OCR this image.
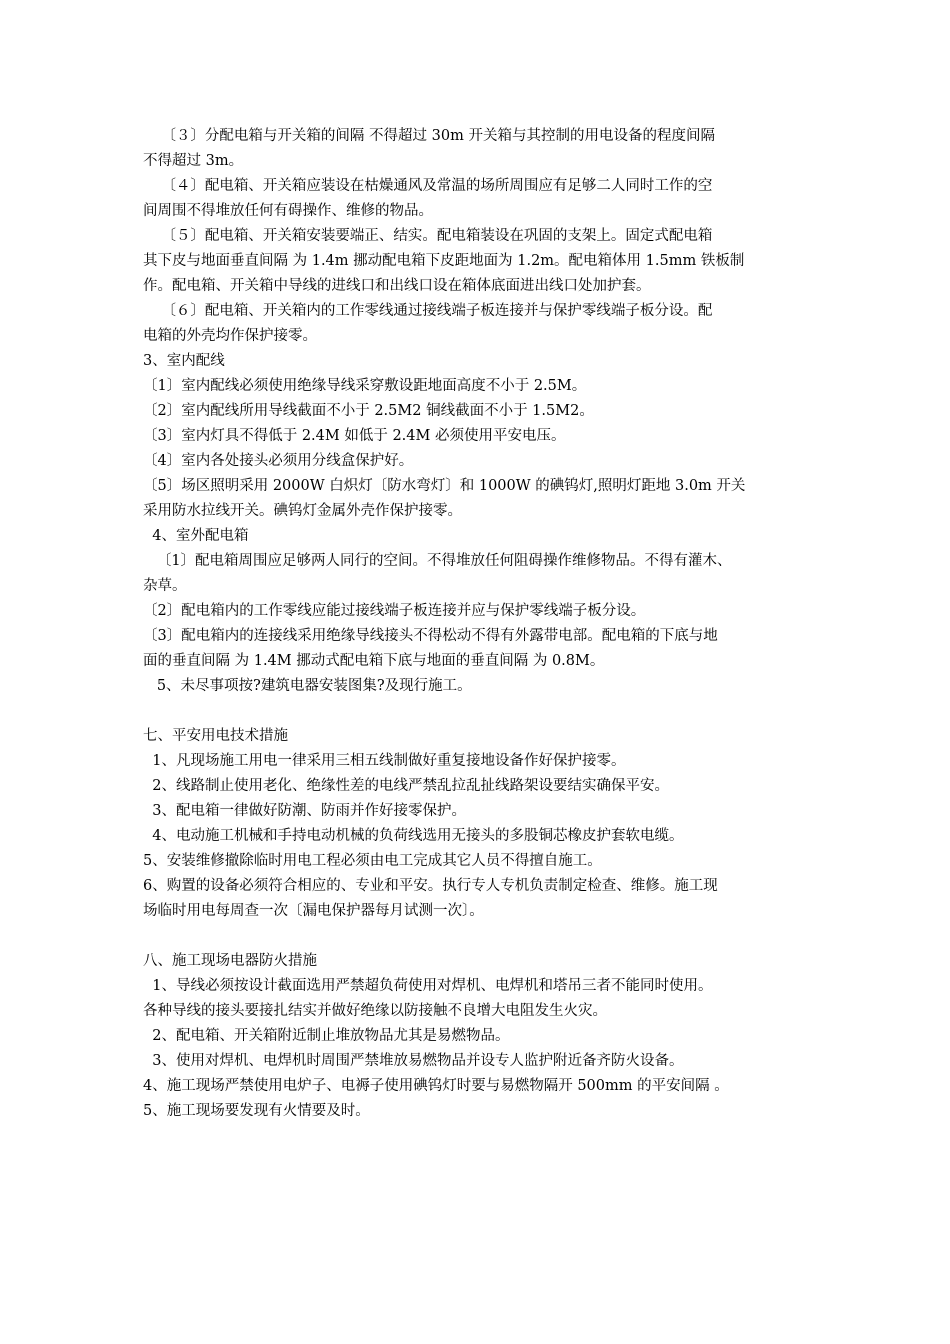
〔３〕分配电箱与开关箱的间隔 不得超过 30m 开关箱与其控制的用电设备的程度间隔

不得超过 3m。

〔４〕配电箱、开关箱应装设在枯燥通风及常温的场所周围应有足够二人同时工作的空

间周围不得堆放任何有碍操作、维修的物品。

〔５〕配电箱、开关箱安装要端正、结实。配电箱装设在巩固的支架上。固定式配电箱

其下皮与地面垂直间隔 为 1.4m 挪动配电箱下皮距地面为 1.2m。配电箱体用 1.5mm 铁板制

作。配电箱、开关箱中导线的进线口和出线口设在箱体底面进出线口处加护套。

〔６〕配电箱、开关箱内的工作零线通过接线端子板连接并与保护零线端子板分设。配

电箱的外壳均作保护接零。

3、室内配线

〔1〕室内配线必须使用绝缘导线采穿敷设距地面高度不小于 2.5M。

〔2〕室内配线所用导线截面不小于 2.5M2 铜线截面不小于 1.5M2。

〔3〕室内灯具不得低于 2.4M 如低于 2.4M 必须使用平安电压。

〔4〕室内各处接头必须用分线盒保护好。

〔5〕场区照明采用 2000W 白炽灯〔防水弯灯〕和 1000W 的碘钨灯,照明灯距地 3.0m 开关

采用防水拉线开关。碘钨灯金属外壳作保护接零。

4、室外配电箱

〔1〕配电箱周围应足够两人同行的空间。不得堆放任何阻碍操作维修物品。不得有灌木、

杂草。

〔2〕配电箱内的工作零线应能过接线端子板连接并应与保护零线端子板分设。

〔3〕配电箱内的连接线采用绝缘导线接头不得松动不得有外露带电部。配电箱的下底与地

面的垂直间隔 为 1.4M 挪动式配电箱下底与地面的垂直间隔 为 0.8M。

5、未尽事项按?建筑电器安装图集?及现行施工。

七、平安用电技术措施

1、凡现场施工用电一律采用三相五线制做好重复接地设备作好保护接零。

2、线路制止使用老化、绝缘性差的电线严禁乱拉乱扯线路架设要结实确保平安。

3、配电箱一律做好防潮、防雨并作好接零保护。

4、电动施工机械和手持电动机械的负荷线选用无接头的多股铜芯橡皮护套软电缆。

5、安装维修撤除临时用电工程必须由电工完成其它人员不得擅自施工。

6、购置的设备必须符合相应的、专业和平安。执行专人专机负责制定检查、维修。施工现

场临时用电每周查一次〔漏电保护器每月试测一次〕。

八、施工现场电器防火措施

1、导线必须按设计截面选用严禁超负荷使用对焊机、电焊机和塔吊三者不能同时使用。

各种导线的接头要接扎结实并做好绝缘以防接触不良增大电阻发生火灾。

2、配电箱、开关箱附近制止堆放物品尤其是易燃物品。

3、使用对焊机、电焊机时周围严禁堆放易燃物品并设专人监护附近备齐防火设备。

4、施工现场严禁使用电炉子、电褥子使用碘钨灯时要与易燃物隔开 500mm 的平安间隔 。

5、施工现场要发现有火情要及时。
